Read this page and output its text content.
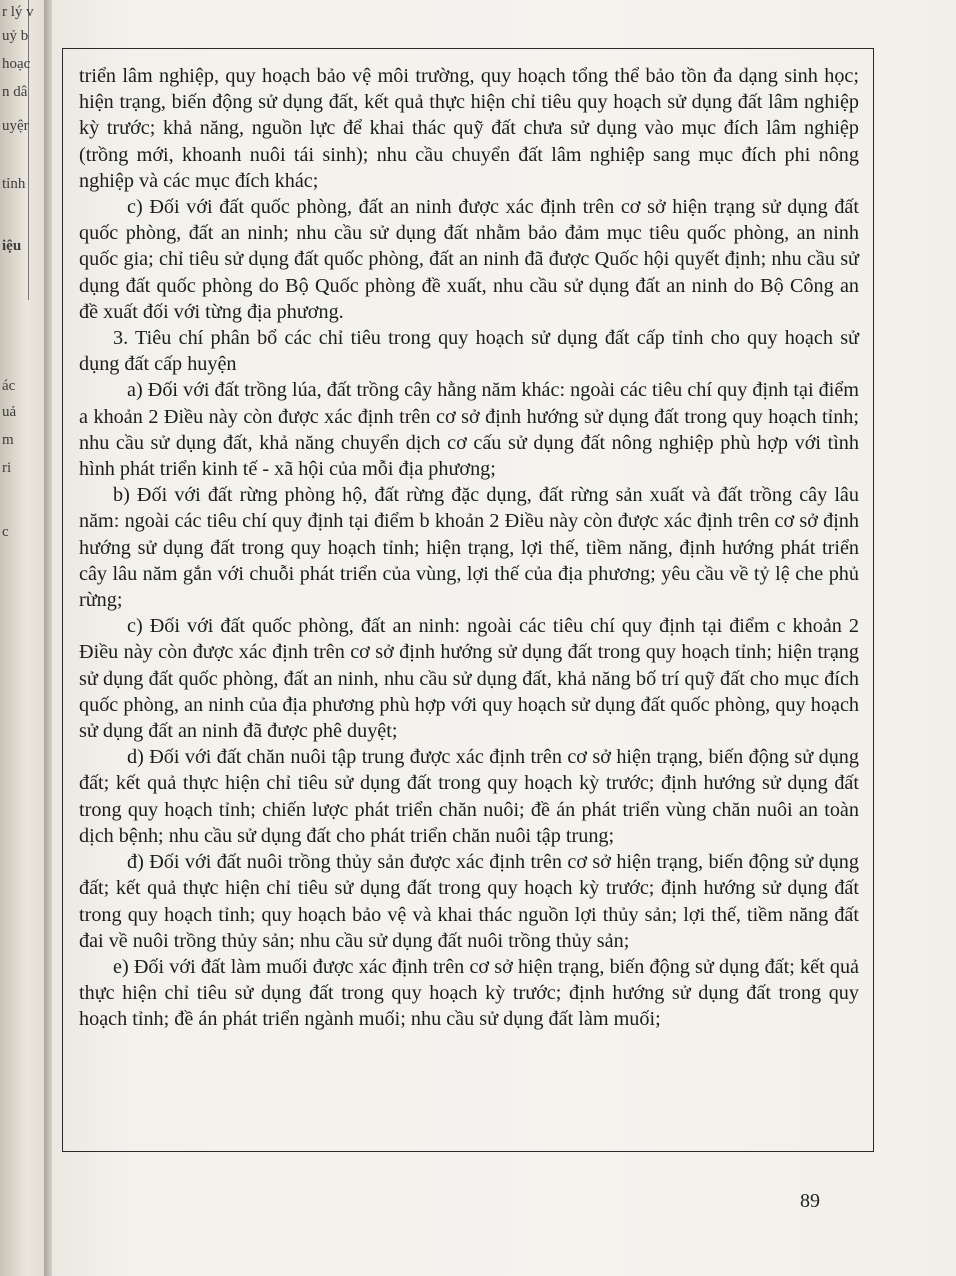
r lý v
uỷ b
hoạc
n dâ
uyệr
tỉnh
iệu
ác
uả
m
ri
c

triển lâm nghiệp, quy hoạch bảo vệ môi trường, quy hoạch tổng thể bảo tồn đa dạng sinh học; hiện trạng, biến động sử dụng đất, kết quả thực hiện chỉ tiêu quy hoạch sử dụng đất lâm nghiệp kỳ trước; khả năng, nguồn lực để khai thác quỹ đất chưa sử dụng vào mục đích lâm nghiệp (trồng mới, khoanh nuôi tái sinh); nhu cầu chuyển đất lâm nghiệp sang mục đích phi nông nghiệp và các mục đích khác;

c) Đối với đất quốc phòng, đất an ninh được xác định trên cơ sở hiện trạng sử dụng đất quốc phòng, đất an ninh; nhu cầu sử dụng đất nhằm bảo đảm mục tiêu quốc phòng, an ninh quốc gia; chỉ tiêu sử dụng đất quốc phòng, đất an ninh đã được Quốc hội quyết định; nhu cầu sử dụng đất quốc phòng do Bộ Quốc phòng đề xuất, nhu cầu sử dụng đất an ninh do Bộ Công an đề xuất đối với từng địa phương.

3. Tiêu chí phân bổ các chỉ tiêu trong quy hoạch sử dụng đất cấp tỉnh cho quy hoạch sử dụng đất cấp huyện

a) Đối với đất trồng lúa, đất trồng cây hằng năm khác: ngoài các tiêu chí quy định tại điểm a khoản 2 Điều này còn được xác định trên cơ sở định hướng sử dụng đất trong quy hoạch tỉnh; nhu cầu sử dụng đất, khả năng chuyển dịch cơ cấu sử dụng đất nông nghiệp phù hợp với tình hình phát triển kinh tế - xã hội của mỗi địa phương;

b) Đối với đất rừng phòng hộ, đất rừng đặc dụng, đất rừng sản xuất và đất trồng cây lâu năm: ngoài các tiêu chí quy định tại điểm b khoản 2 Điều này còn được xác định trên cơ sở định hướng sử dụng đất trong quy hoạch tỉnh; hiện trạng, lợi thế, tiềm năng, định hướng phát triển cây lâu năm gắn với chuỗi phát triển của vùng, lợi thế của địa phương; yêu cầu về tỷ lệ che phủ rừng;

c) Đối với đất quốc phòng, đất an ninh: ngoài các tiêu chí quy định tại điểm c khoản 2 Điều này còn được xác định trên cơ sở định hướng sử dụng đất trong quy hoạch tỉnh; hiện trạng sử dụng đất quốc phòng, đất an ninh, nhu cầu sử dụng đất, khả năng bố trí quỹ đất cho mục đích quốc phòng, an ninh của địa phương phù hợp với quy hoạch sử dụng đất quốc phòng, quy hoạch sử dụng đất an ninh đã được phê duyệt;

d) Đối với đất chăn nuôi tập trung được xác định trên cơ sở hiện trạng, biến động sử dụng đất; kết quả thực hiện chỉ tiêu sử dụng đất trong quy hoạch kỳ trước; định hướng sử dụng đất trong quy hoạch tỉnh; chiến lược phát triển chăn nuôi; đề án phát triển vùng chăn nuôi an toàn dịch bệnh; nhu cầu sử dụng đất cho phát triển chăn nuôi tập trung;

đ) Đối với đất nuôi trồng thủy sản được xác định trên cơ sở hiện trạng, biến động sử dụng đất; kết quả thực hiện chỉ tiêu sử dụng đất trong quy hoạch kỳ trước; định hướng sử dụng đất trong quy hoạch tỉnh; quy hoạch bảo vệ và khai thác nguồn lợi thủy sản; lợi thế, tiềm năng đất đai về nuôi trồng thủy sản; nhu cầu sử dụng đất nuôi trồng thủy sản;

e) Đối với đất làm muối được xác định trên cơ sở hiện trạng, biến động sử dụng đất; kết quả thực hiện chỉ tiêu sử dụng đất trong quy hoạch kỳ trước; định hướng sử dụng đất trong quy hoạch tỉnh; đề án phát triển ngành muối; nhu cầu sử dụng đất làm muối;

89
